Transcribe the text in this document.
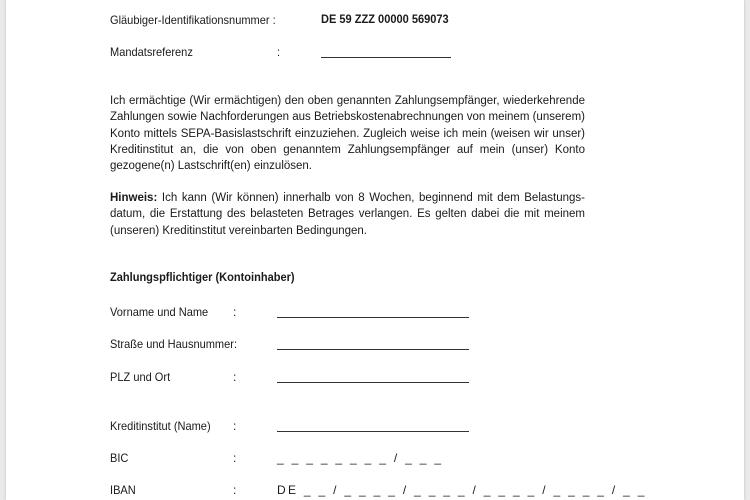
Gläubiger-Identifikationsnummer :	DE 59 ZZZ 00000 569073
Mandatsreferenz	:
Ich ermächtige (Wir ermächtigen) den oben genannten Zahlungsempfänger, wiederkehrende Zahlungen sowie Nachforderungen aus Betriebskostenabrechnungen von meinem (unserem) Konto mittels SEPA-Basislastschrift einzuziehen. Zugleich weise ich mein (weisen wir unser) Kreditinstitut an, die von oben genanntem Zahlungsempfänger auf mein (unser) Konto gezogene(n) Lastschrift(en) einzulösen.
Hinweis: Ich kann (Wir können) innerhalb von 8 Wochen, beginnend mit dem Belastungs-datum, die Erstattung des belasteten Betrages verlangen. Es gelten dabei die mit meinem (unseren) Kreditinstitut vereinbarten Bedingungen.
Zahlungspflichtiger (Kontoinhaber)
Vorname und Name :
Straße und Hausnummer:
PLZ und Ort	:
Kreditinstitut (Name) :
BIC	:	_ _ _ _ _ _ _ _ / _ _ _
IBAN	:	DE _ _ / _ _ _ _ / _ _ _ _ / _ _ _ _ / _ _ _ _ / _ _
